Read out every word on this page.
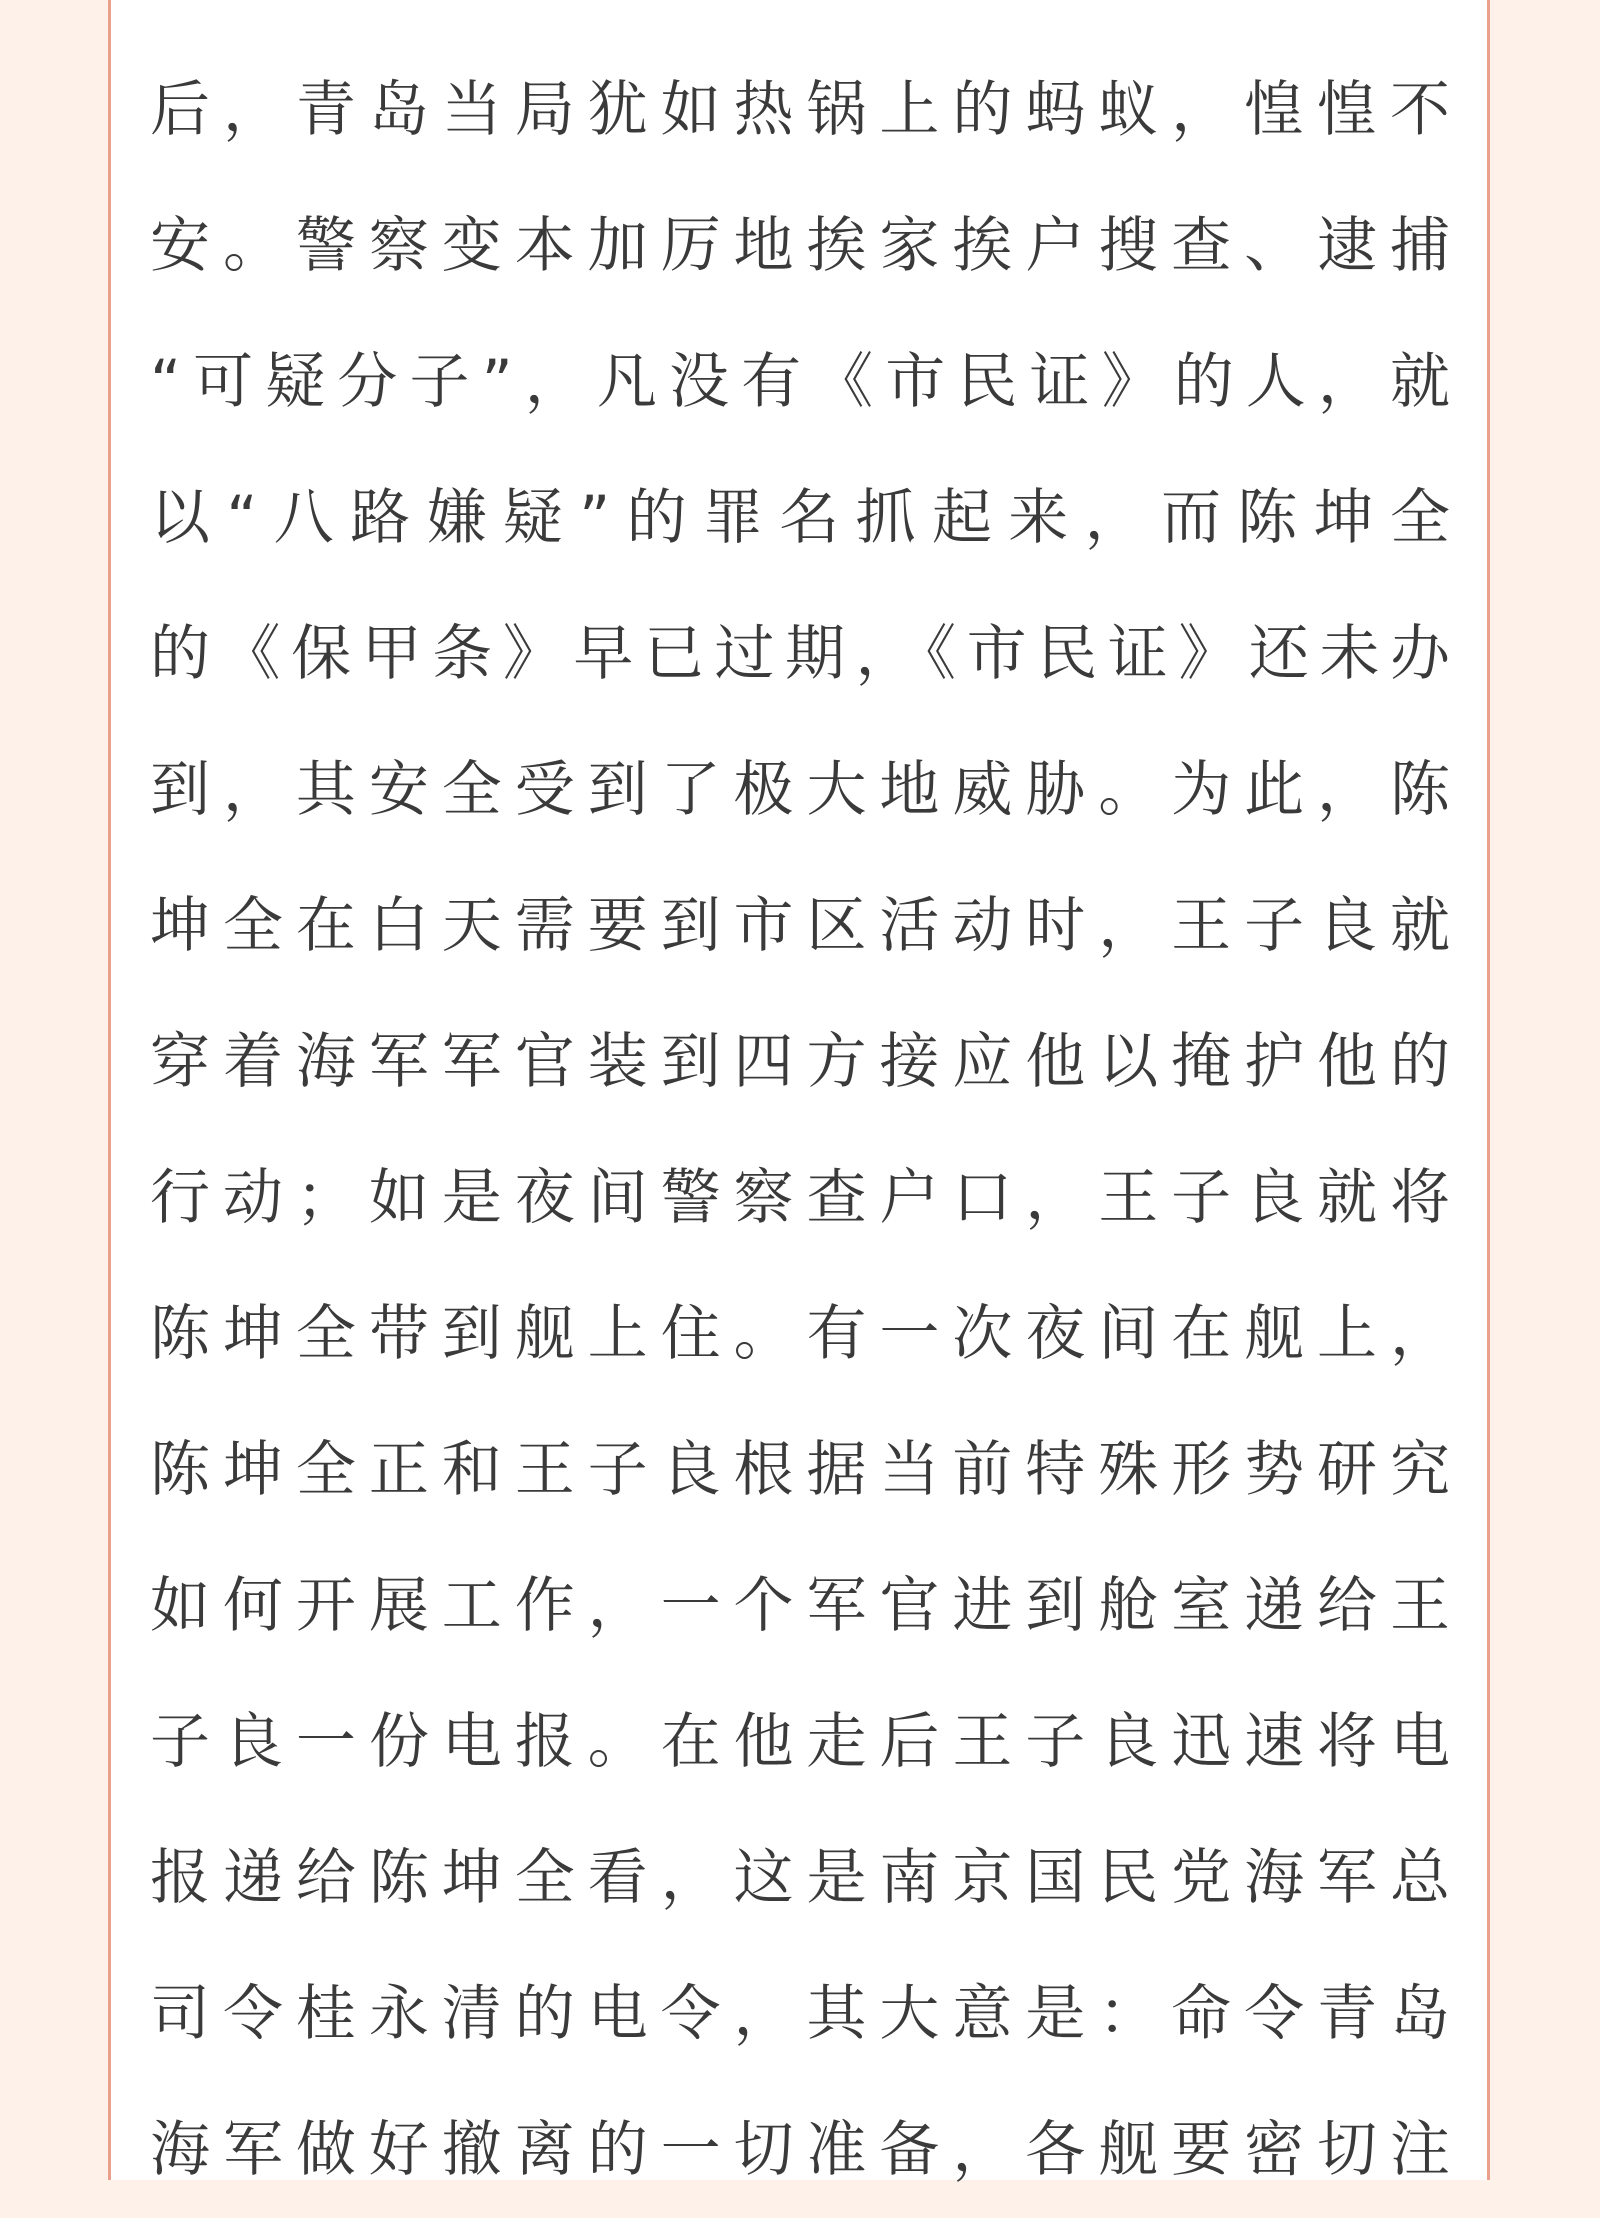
后，青岛当局犹如热锅上的蚂蚁，惶惶不
安。警察变本加厉地挨家挨户搜查、逮捕
“可疑分子”，凡没有《市民证》的人，就
以“八路嫌疑”的罪名抓起来，而陈坤全
的《保甲条》早已过期，《市民证》还未办
到，其安全受到了极大地威胁。为此，陈
坤全在白天需要到市区活动时，王子良就
穿着海军军官装到四方接应他以掩护他的
行动；如是夜间警察查户口，王子良就将
陈坤全带到舰上住。有一次夜间在舰上，
陈坤全正和王子良根据当前特殊形势研究
如何开展工作，一个军官进到舱室递给王
子良一份电报。在他走后王子良迅速将电
报递给陈坤全看，这是南京国民党海军总
司令桂永清的电令，其大意是：命令青岛
海军做好撤离的一切准备，各舰要密切注
